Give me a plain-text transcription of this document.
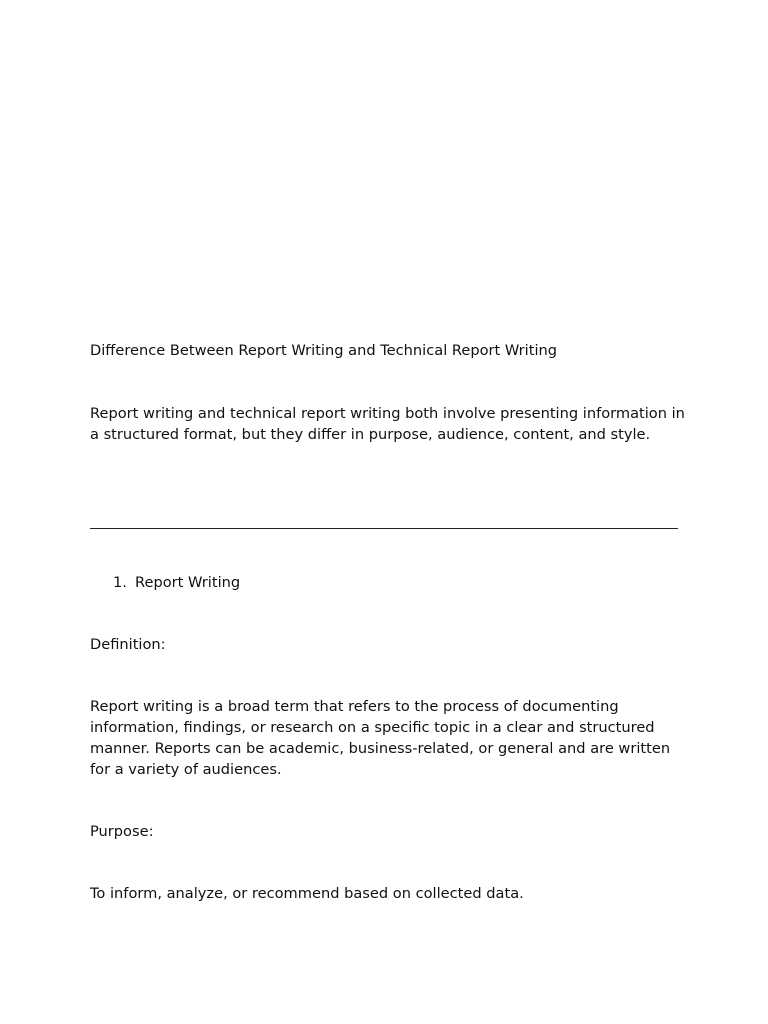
Difference Between Report Writing and Technical Report Writing

Report writing and technical report writing both involve presenting information in a structured format, but they differ in purpose, audience, content, and style.

1. Report Writing

Definition:

Report writing is a broad term that refers to the process of documenting information, findings, or research on a specific topic in a clear and structured manner. Reports can be academic, business-related, or general and are written for a variety of audiences.

Purpose:

To inform, analyze, or recommend based on collected data.
